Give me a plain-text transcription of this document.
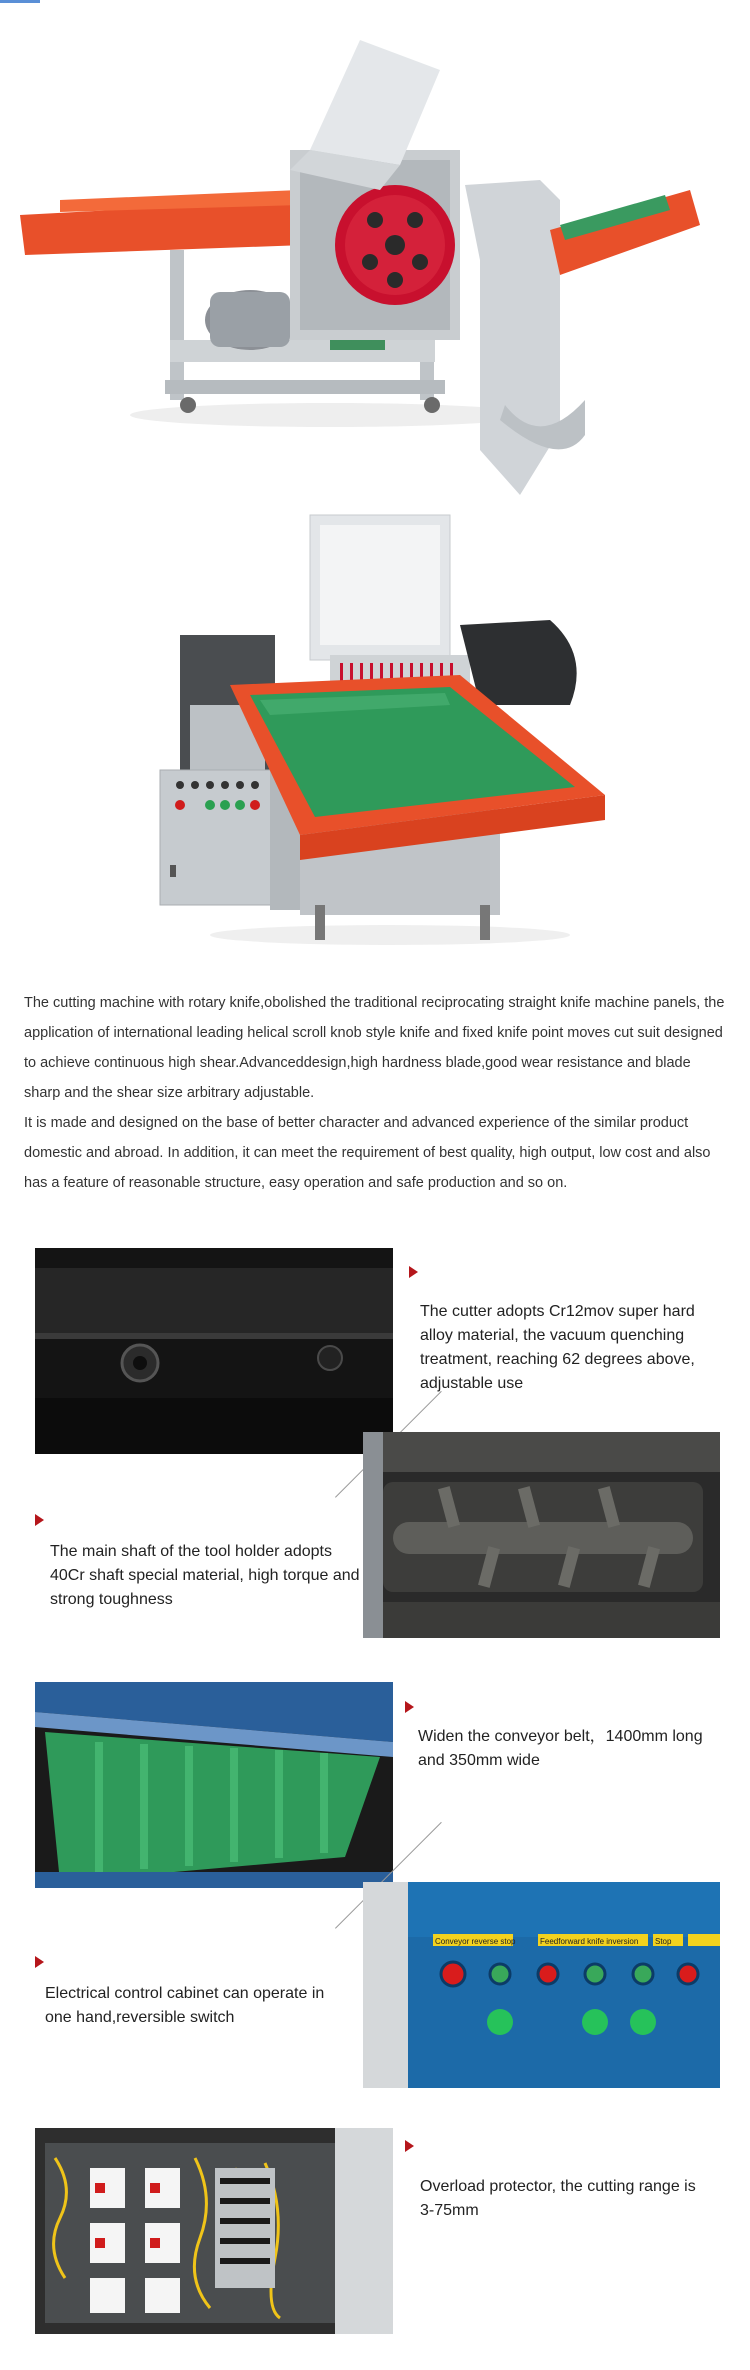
The cutting machine with rotary knife,obolished the traditional reciprocating straight knife machine panels, the application of international leading helical scroll knob style knife and fixed knife point moves cut suit designed to achieve continuous high shear.Advanceddesign,high hardness blade,good wear resistance and blade sharp and the shear size arbitrary adjustable.

It is made and designed on the base of better character and advanced experience of the similar product domestic and abroad. In addition, it can meet the requirement of best quality, high output, low cost and also has a feature of reasonable structure, easy operation and safe production and so on.

The cutter adopts Cr12mov super hard alloy material, the vacuum quenching treatment, reaching 62 degrees above, adjustable use
The main shaft of the tool holder adopts 40Cr shaft special material, high torque and strong toughness
Widen the conveyor belt，1400mm long and 350mm wide
Conveyor reverse stop	Feedforward knife inversion Stop
Electrical control cabinet can operate in one hand,reversible switch
Overload protector, the cutting range is 3-75mm
